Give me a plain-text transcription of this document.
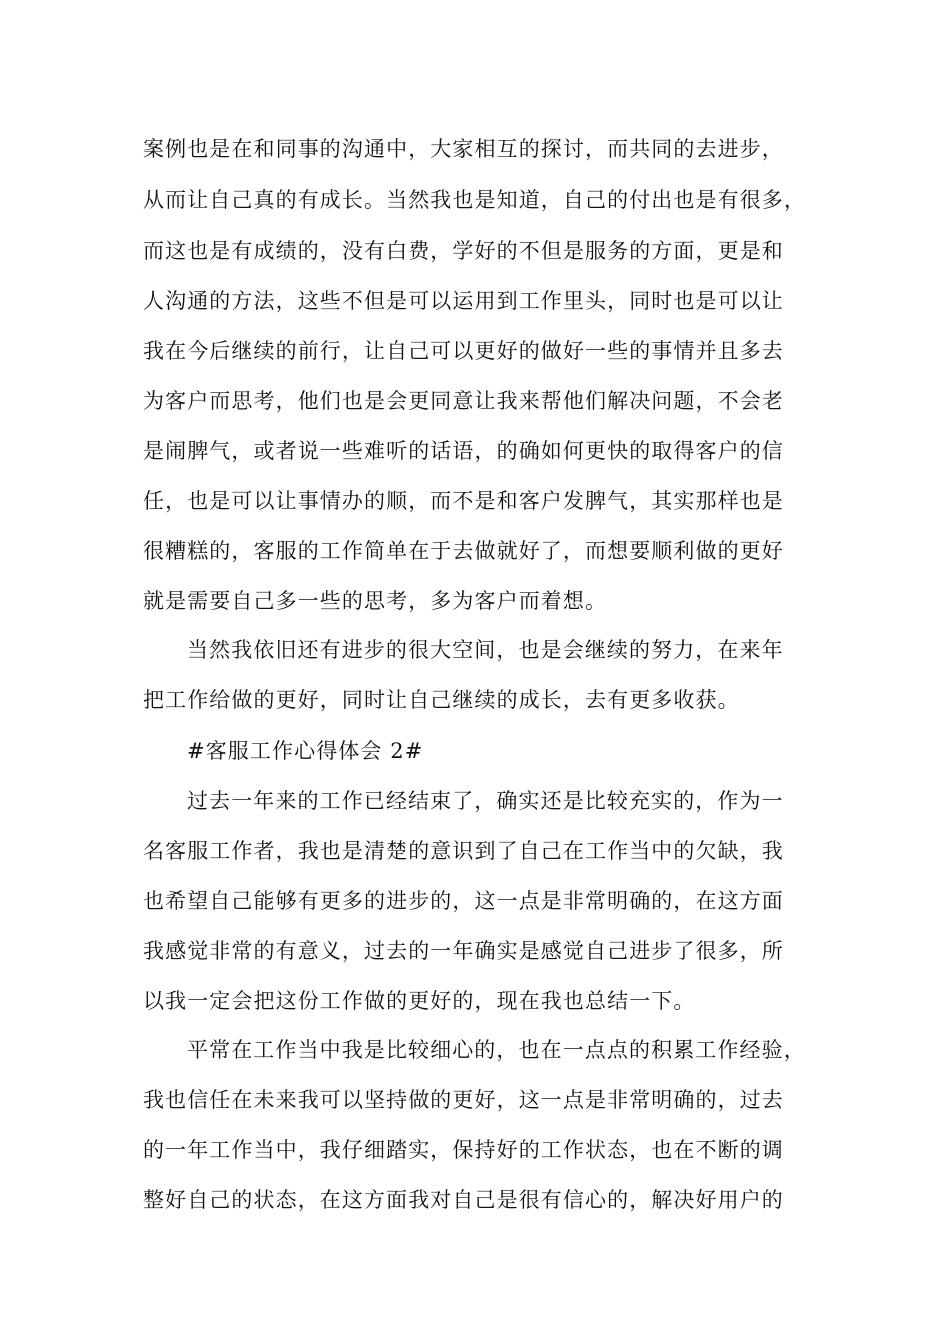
案例也是在和同事的沟通中，大家相互的探讨，而共同的去进步，
从而让自己真的有成长。当然我也是知道，自己的付出也是有很多，
而这也是有成绩的，没有白费，学好的不但是服务的方面，更是和
人沟通的方法，这些不但是可以运用到工作里头，同时也是可以让
我在今后继续的前行，让自己可以更好的做好一些的事情并且多去
为客户而思考，他们也是会更同意让我来帮他们解决问题，不会老
是闹脾气，或者说一些难听的话语，的确如何更快的取得客户的信
任，也是可以让事情办的顺，而不是和客户发脾气，其实那样也是
很糟糕的，客服的工作简单在于去做就好了，而想要顺利做的更好
就是需要自己多一些的思考，多为客户而着想。
当然我依旧还有进步的很大空间，也是会继续的努力，在来年
把工作给做的更好，同时让自己继续的成长，去有更多收获。
#客服工作心得体会 2#
过去一年来的工作已经结束了，确实还是比较充实的，作为一
名客服工作者，我也是清楚的意识到了自己在工作当中的欠缺，我
也希望自己能够有更多的进步的，这一点是非常明确的，在这方面
我感觉非常的有意义，过去的一年确实是感觉自己进步了很多，所
以我一定会把这份工作做的更好的，现在我也总结一下。
平常在工作当中我是比较细心的，也在一点点的积累工作经验，
我也信任在未来我可以坚持做的更好，这一点是非常明确的，过去
的一年工作当中，我仔细踏实，保持好的工作状态，也在不断的调
整好自己的状态，在这方面我对自己是很有信心的，解决好用户的
